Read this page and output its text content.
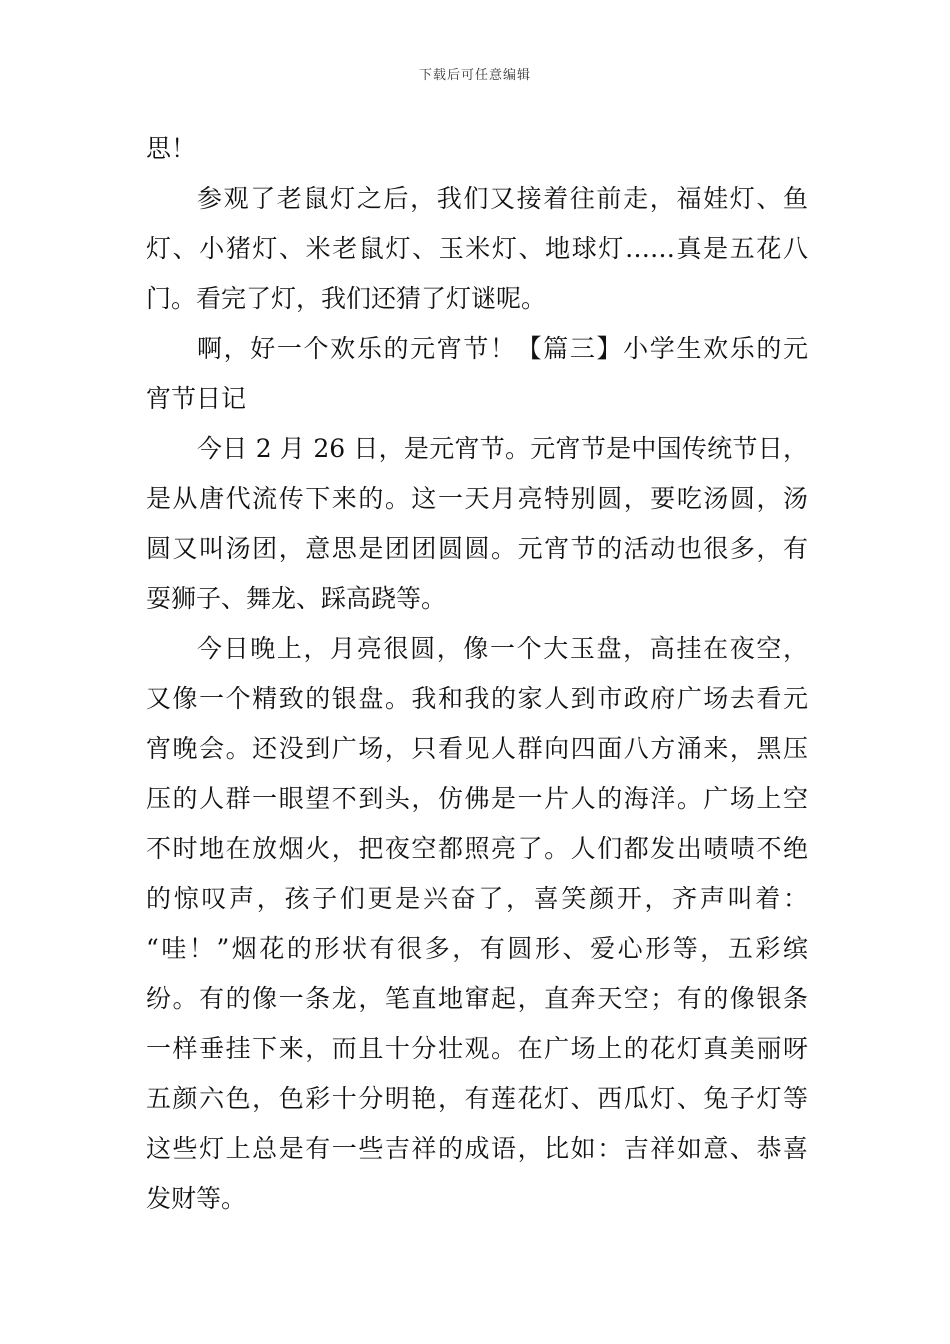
下载后可任意编辑
思！
参观了老鼠灯之后，我们又接着往前走，福娃灯、鱼
灯、小猪灯、米老鼠灯、玉米灯、地球灯……真是五花八
门。看完了灯，我们还猜了灯谜呢。
啊，好一个欢乐的元宵节！【篇三】小学生欢乐的元
宵节日记
今日 2 月 26 日，是元宵节。元宵节是中国传统节日，
是从唐代流传下来的。这一天月亮特别圆，要吃汤圆，汤
圆又叫汤团，意思是团团圆圆。元宵节的活动也很多，有
耍狮子、舞龙、踩高跷等。
今日晚上，月亮很圆，像一个大玉盘，高挂在夜空，
又像一个精致的银盘。我和我的家人到市政府广场去看元
宵晚会。还没到广场，只看见人群向四面八方涌来，黑压
压的人群一眼望不到头，仿佛是一片人的海洋。广场上空
不时地在放烟火，把夜空都照亮了。人们都发出啧啧不绝
的惊叹声，孩子们更是兴奋了，喜笑颜开，齐声叫着：
“哇！”烟花的形状有很多，有圆形、爱心形等，五彩缤
纷。有的像一条龙，笔直地窜起，直奔天空；有的像银条
一样垂挂下来，而且十分壮观。在广场上的花灯真美丽呀
五颜六色，色彩十分明艳，有莲花灯、西瓜灯、兔子灯等
这些灯上总是有一些吉祥的成语，比如：吉祥如意、恭喜
发财等。
